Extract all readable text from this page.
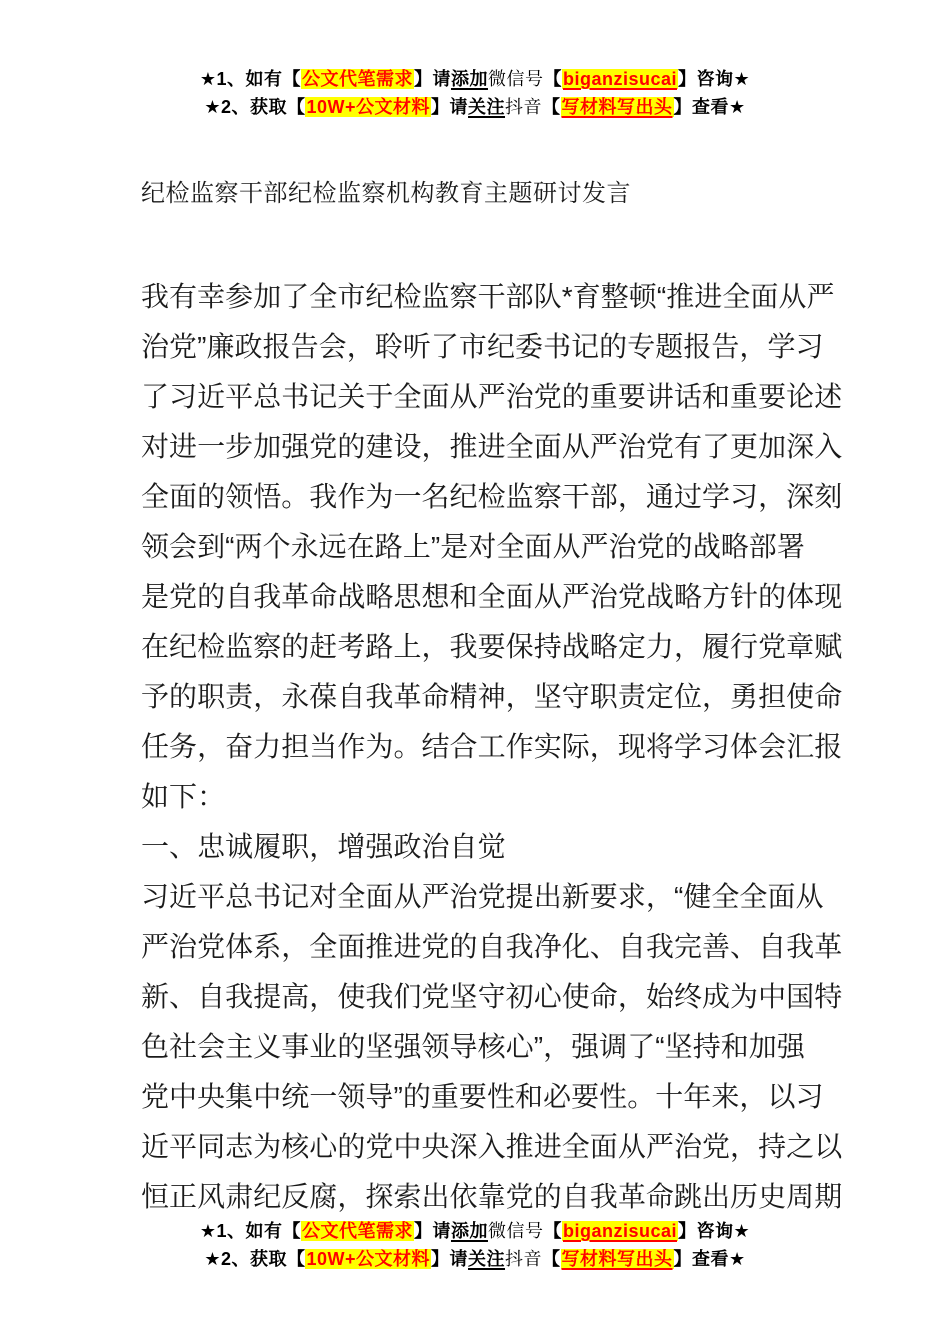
★1、如有【公文代笔需求】请添加微信号【biganzisucai】咨询★
★2、获取【10W+公文材料】请关注抖音【写材料写出头】查看★
纪检监察干部纪检监察机构教育主题研讨发言

我有幸参加了全市纪检监察干部队*育整顿“推进全面从严
治党”廉政报告会，聆听了市纪委书记的专题报告，学习
了习近平总书记关于全面从严治党的重要讲话和重要论述
对进一步加强党的建设，推进全面从严治党有了更加深入
全面的领悟。我作为一名纪检监察干部，通过学习，深刻
领会到“两个永远在路上”是对全面从严治党的战略部署
是党的自我革命战略思想和全面从严治党战略方针的体现
在纪检监察的赶考路上，我要保持战略定力，履行党章赋
予的职责，永葆自我革命精神，坚守职责定位，勇担使命
任务，奋力担当作为。结合工作实际，现将学习体会汇报
如下：

一、忠诚履职，增强政治自觉

习近平总书记对全面从严治党提出新要求，“健全全面从
严治党体系，全面推进党的自我净化、自我完善、自我革
新、自我提高，使我们党坚守初心使命，始终成为中国特
色社会主义事业的坚强领导核心”，强调了“坚持和加强
党中央集中统一领导”的重要性和必要性。十年来，以习
近平同志为核心的党中央深入推进全面从严治党，持之以
恒正风肃纪反腐，探索出依靠党的自我革命跳出历史周期

★1、如有【公文代笔需求】请添加微信号【biganzisucai】咨询★
★2、获取【10W+公文材料】请关注抖音【写材料写出头】查看★
